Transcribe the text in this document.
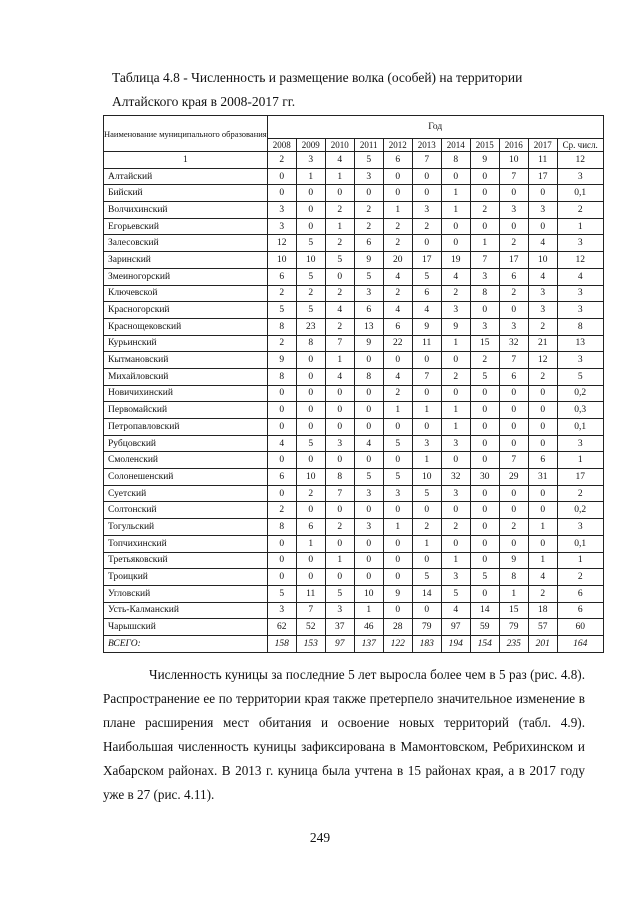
Таблица 4.8 - Численность и размещение волка (особей) на территории Алтайского края в 2008-2017 гг.
Наименование муниципального образования	Год										
	2008	2009	2010	2011	2012	2013	2014	2015	2016	2017	Ср. числ.
1	2	3	4	5	6	7	8	9	10	11	12
Алтайский	0	1	1	3	0	0	0	0	7	17	3
Бийский	0	0	0	0	0	0	1	0	0	0	0,1
Волчихинский	3	0	2	2	1	3	1	2	3	3	2
Егорьевский	3	0	1	2	2	2	0	0	0	0	1
Залесовский	12	5	2	6	2	0	0	1	2	4	3
Заринский	10	10	5	9	20	17	19	7	17	10	12
Змеиногорский	6	5	0	5	4	5	4	3	6	4	4
Ключевской	2	2	2	3	2	6	2	8	2	3	3
Красногорский	5	5	4	6	4	4	3	0	0	3	3
Краснощековский	8	23	2	13	6	9	9	3	3	2	8
Курьинский	2	8	7	9	22	11	1	15	32	21	13
Кытмановский	9	0	1	0	0	0	0	2	7	12	3
Михайловский	8	0	4	8	4	7	2	5	6	2	5
Новичихинский	0	0	0	0	2	0	0	0	0	0	0,2
Первомайский	0	0	0	0	1	1	1	0	0	0	0,3
Петропавловский	0	0	0	0	0	0	1	0	0	0	0,1
Рубцовский	4	5	3	4	5	3	3	0	0	0	3
Смоленский	0	0	0	0	0	1	0	0	7	6	1
Солонешенский	6	10	8	5	5	10	32	30	29	31	17
Суетский	0	2	7	3	3	5	3	0	0	0	2
Солтонский	2	0	0	0	0	0	0	0	0	0	0,2
Тогульский	8	6	2	3	1	2	2	0	2	1	3
Топчихинский	0	1	0	0	0	1	0	0	0	0	0,1
Третьяковский	0	0	1	0	0	0	1	0	9	1	1
Троицкий	0	0	0	0	0	5	3	5	8	4	2
Угловский	5	11	5	10	9	14	5	0	1	2	6
Усть-Калманский	3	7	3	1	0	0	4	14	15	18	6
Чарышский	62	52	37	46	28	79	97	59	79	57	60
ВСЕГО:	158	153	97	137	122	183	194	154	235	201	164

Численность куницы за последние 5 лет выросла более чем в 5 раз (рис. 4.8). Распространение ее по территории края также претерпело значительное изменение в плане расширения мест обитания и освоение новых территорий (табл. 4.9). Наибольшая численность куницы зафиксирована в Мамонтовском, Ребрихинском и Хабарском районах. В 2013 г. куница была учтена в 15 районах края, а в 2017 году уже в 27 (рис. 4.11).

249
